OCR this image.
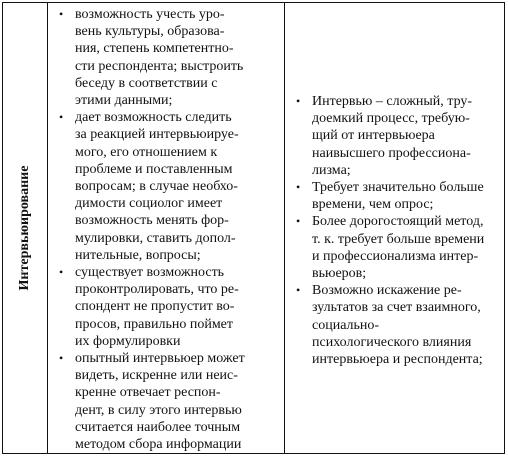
Интервьюирование
• возможность учесть уро-
вень культуры, образова-
ния, степень компетентно-
сти респондента; выстроить
беседу в соответствии с
этими данными;
• дает возможность следить
за реакцией интервьюируе-
мого, его отношением к
проблеме и поставленным
вопросам; в случае необхо-
димости социолог имеет
возможность менять фор-
мулировки, ставить допол-
нительные, вопросы;
• существует возможность
проконтролировать, что ре-
спондент не пропустит во-
просов, правильно поймет
их формулировки
• опытный интервьюер может
видеть, искренне или неис-
кренне отвечает респон-
дент, в силу этого интервью
считается наиболее точным
методом сбора информации
• Интервью – сложный, тру-
доемкий процесс, требую-
щий от интервьюера
наивысшего профессиона-
лизма;
• Требует значительно больше
времени, чем опрос;
• Более дорогостоящий метод,
т. к. требует больше времени
и профессионализма интер-
вьюеров;
• Возможно искажение ре-
зультатов за счет взаимного,
социально-
психологического влияния
интервьюера и респондента;
